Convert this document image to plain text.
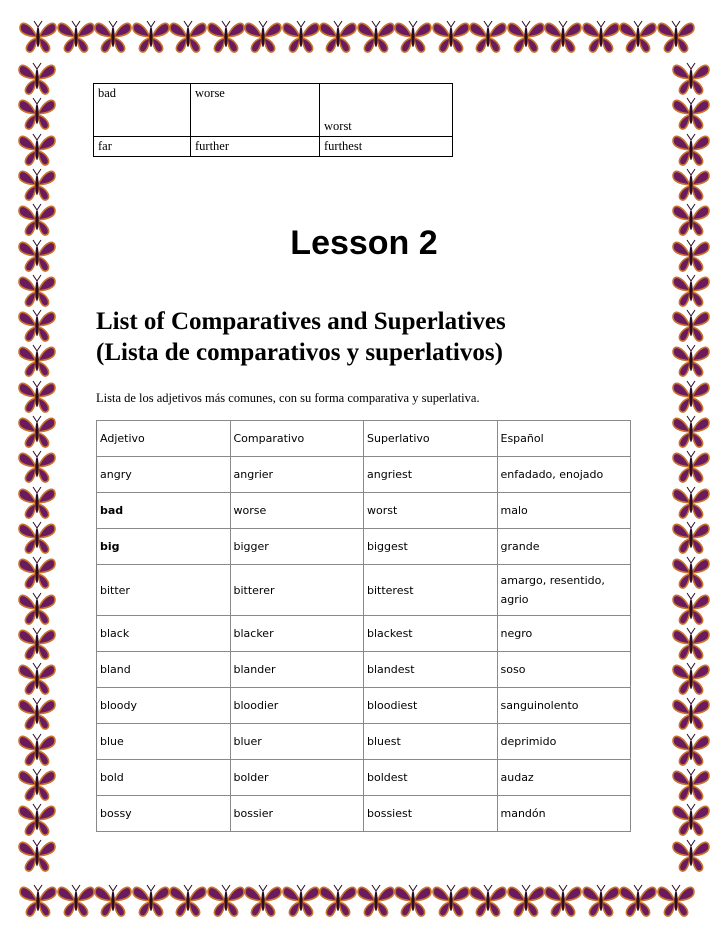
bad	worse	worst
far	further	furthest
Lesson 2
List of Comparatives and Superlatives
(Lista de comparativos y superlativos)
Lista de los adjetivos más comunes, con su forma comparativa y superlativa.
Adjetivo	Comparativo	Superlativo	Español
angry	angrier	angriest	enfadado, enojado
bad	worse	worst	malo
big	bigger	biggest	grande
bitter	bitterer	bitterest	amargo, resentido, agrio
black	blacker	blackest	negro
bland	blander	blandest	soso
bloody	bloodier	bloodiest	sanguinolento
blue	bluer	bluest	deprimido
bold	bolder	boldest	audaz
bossy	bossier	bossiest	mandón
